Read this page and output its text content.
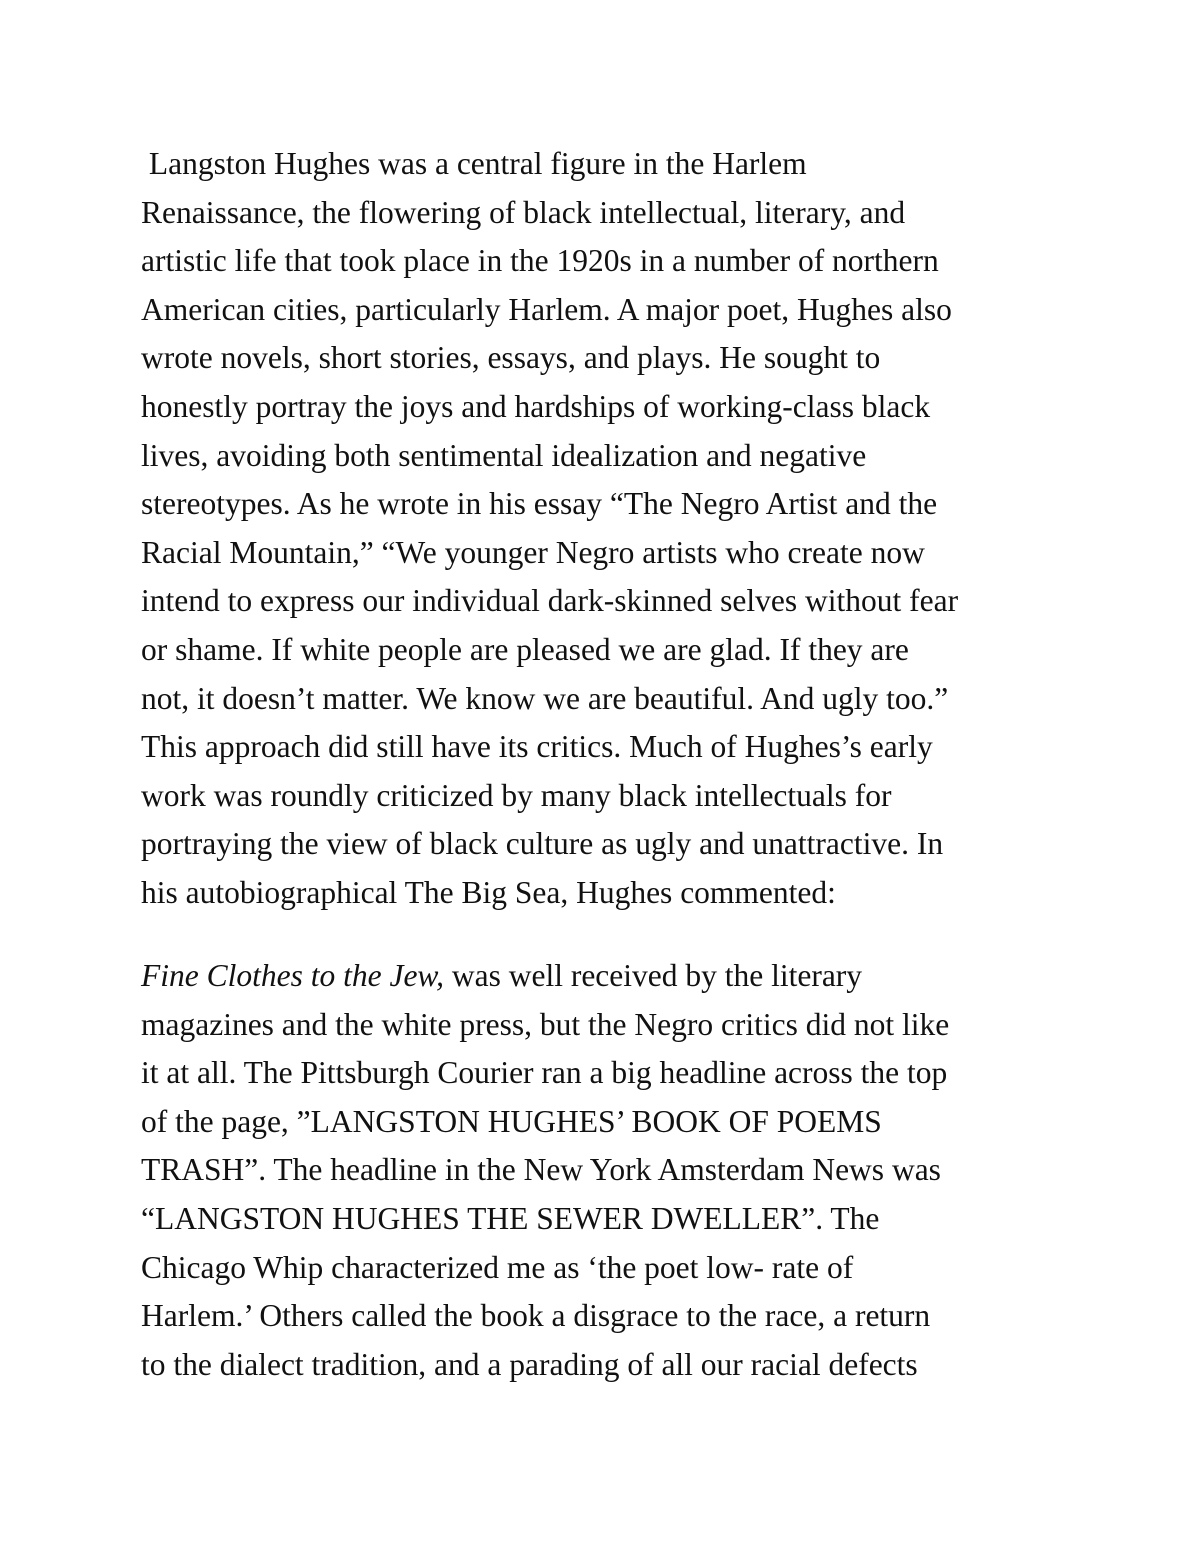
Langston Hughes was a central figure in the Harlem
Renaissance, the flowering of black intellectual, literary, and
artistic life that took place in the 1920s in a number of northern
American cities, particularly Harlem. A major poet, Hughes also
wrote novels, short stories, essays, and plays. He sought to
honestly portray the joys and hardships of working-class black
lives, avoiding both sentimental idealization and negative
stereotypes. As he wrote in his essay “The Negro Artist and the
Racial Mountain,” “We younger Negro artists who create now
intend to express our individual dark-skinned selves without fear
or shame. If white people are pleased we are glad. If they are
not, it doesn’t matter. We know we are beautiful. And ugly too.”
This approach did still have its critics. Much of Hughes’s early
work was roundly criticized by many black intellectuals for
portraying the view of black culture as ugly and unattractive. In
his autobiographical The Big Sea, Hughes commented:
Fine Clothes to the Jew, was well received by the literary
magazines and the white press, but the Negro critics did not like
it at all. The Pittsburgh Courier ran a big headline across the top
of the page, ”LANGSTON HUGHES’ BOOK OF POEMS
TRASH”. The headline in the New York Amsterdam News was
“LANGSTON HUGHES THE SEWER DWELLER”. The
Chicago Whip characterized me as ‘the poet low- rate of
Harlem.’ Others called the book a disgrace to the race, a return
to the dialect tradition, and a parading of all our racial defects
